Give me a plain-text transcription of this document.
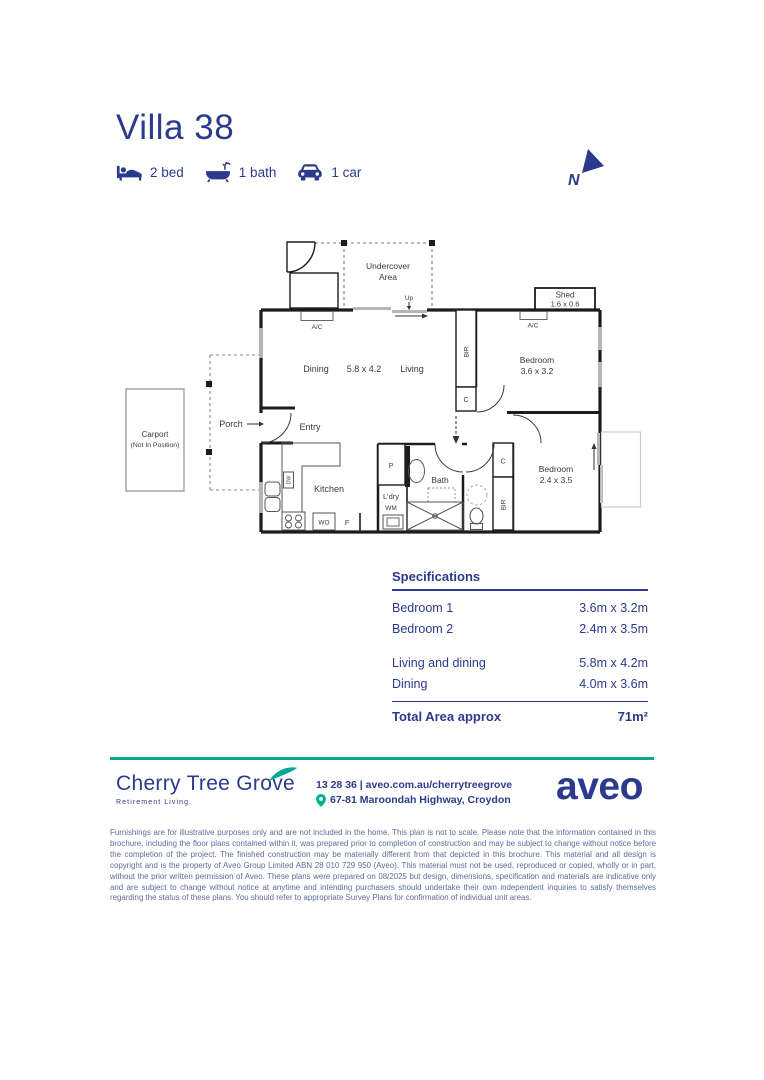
Villa 38
2 bed	1 bath	1 car	N
Carport
(Not In Position)
Porch
Undercover
Area
Shed
1.6 x 0.6
Up
A/C	A/C
BIR
C
C
BIR
P
DW
WO F
L'dry
WM
Dining 5.8 x 4.2 Living
Bedroom
3.6 x 3.2
Bedroom
2.4 x 3.5
Entry
Kitchen
Bath
Specifications
Bedroom 1	3.6m x 3.2m
Bedroom 2	2.4m x 3.5m
Living and dining	5.8m x 4.2m
Dining	4.0m x 3.6m
Total Area approx	71m²
Cherry Tree Grove
Retirement Living
13 28 36 | aveo.com.au/cherrytreegrove
67-81 Maroondah Highway, Croydon aveo
Furnishings are for illustrative purposes only and are not included in the home. This plan is not to scale. Please note that the information contained in this brochure, including the floor plans contained within it, was prepared prior to completion of construction and may be subject to change without notice before the completion of the project. The finished construction may be materially different from that depicted in this brochure. This material and all design is copyright and is the property of Aveo Group Limited ABN 28 010 729 950 (Aveo). This material must not be used, reproduced or copied, wholly or in part, without the prior written permission of Aveo. These plans were prepared on 08/2025 but design, dimensions, specification and materials are indicative only and are subject to change without notice at anytime and intending purchasers should undertake their own independent inquiries to satisfy themselves regarding the status of these plans. You should refer to appropriate Survey Plans for confirmation of individual unit areas.
